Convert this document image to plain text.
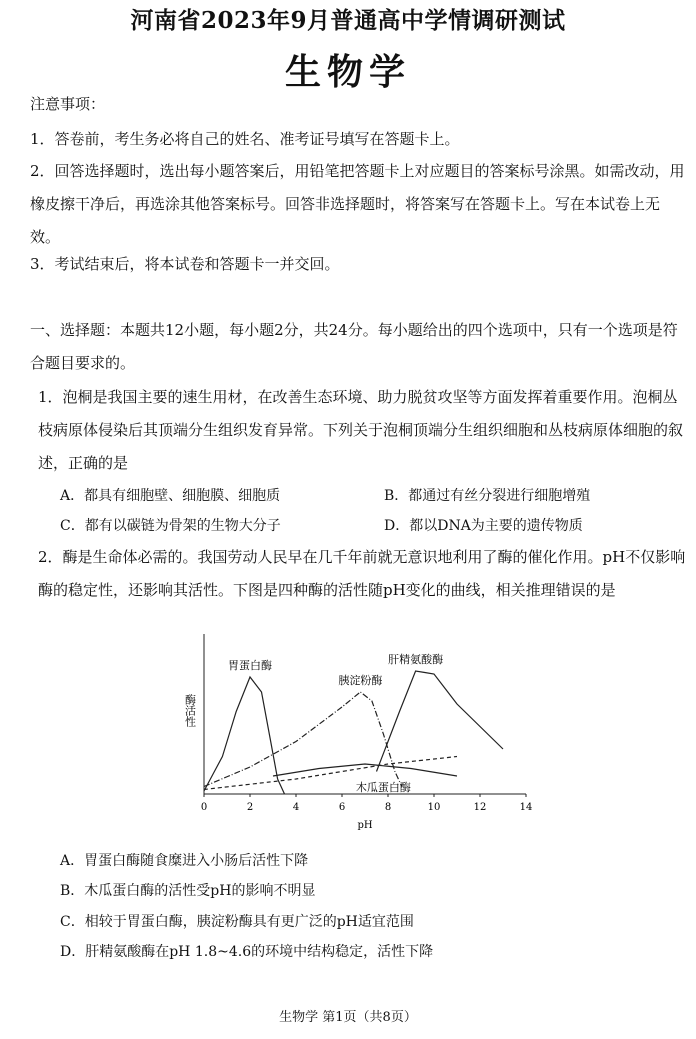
河南省2023年9月普通高中学情调研测试
生物学
注意事项：
1．答卷前，考生务必将自己的姓名、准考证号填写在答题卡上。
2．回答选择题时，选出每小题答案后，用铅笔把答题卡上对应题目的答案标号涂黑。如需改动，用橡皮擦干净后，再选涂其他答案标号。回答非选择题时，将答案写在答题卡上。写在本试卷上无效。
3．考试结束后，将本试卷和答题卡一并交回。
一、选择题：本题共12小题，每小题2分，共24分。每小题给出的四个选项中，只有一个选项是符合题目要求的。
1．泡桐是我国主要的速生用材，在改善生态环境、助力脱贫攻坚等方面发挥着重要作用。泡桐丛枝病原体侵染后其顶端分生组织发育异常。下列关于泡桐顶端分生组织细胞和丛枝病原体细胞的叙述，正确的是
A．都具有细胞壁、细胞膜、细胞质	B．都通过有丝分裂进行细胞增殖
C．都有以碳链为骨架的生物大分子	D．都以DNA为主要的遗传物质
2．酶是生命体必需的。我国劳动人民早在几千年前就无意识地利用了酶的催化作用。pH不仅影响酶的稳定性，还影响其活性。下图是四种酶的活性随pH变化的曲线，相关推理错误的是
0	2	4	6	8	10	12	14
pH
酶活性
胃蛋白酶
胰淀粉酶
木瓜蛋白酶
肝精氨酸酶
A．胃蛋白酶随食糜进入小肠后活性下降
B．木瓜蛋白酶的活性受pH的影响不明显
C．相较于胃蛋白酶，胰淀粉酶具有更广泛的pH适宜范围
D．肝精氨酸酶在pH 1.8~4.6的环境中结构稳定，活性下降
生物学 第1页（共8页）
